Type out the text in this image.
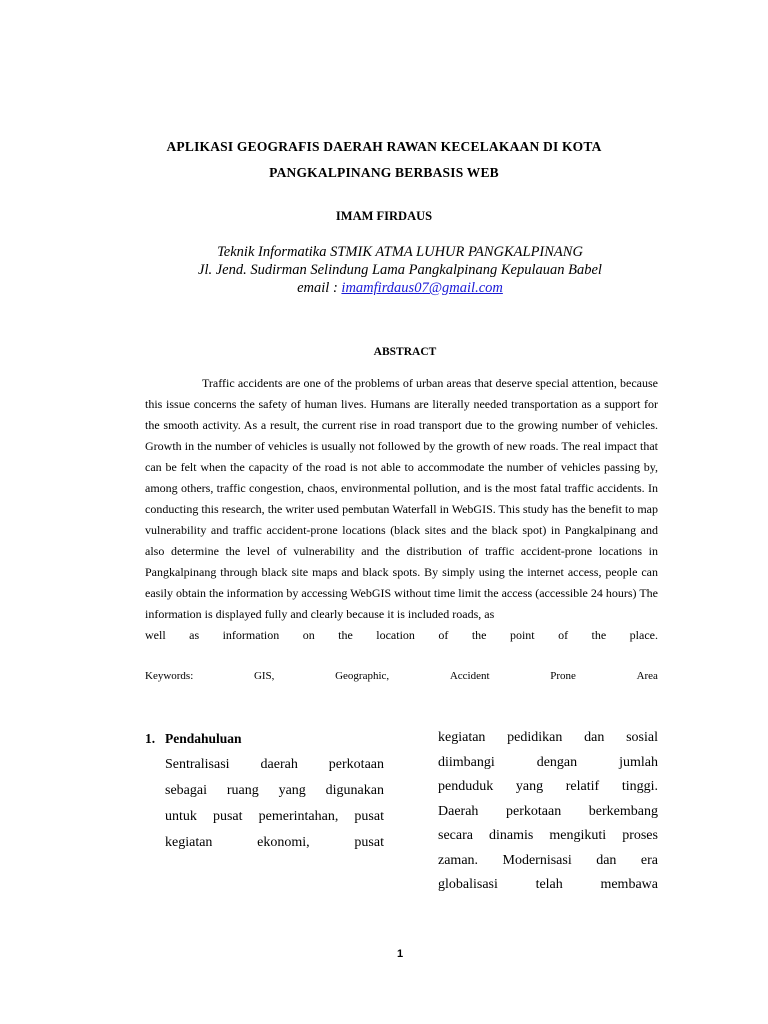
APLIKASI GEOGRAFIS DAERAH RAWAN KECELAKAAN DI KOTA
PANGKALPINANG BERBASIS WEB
IMAM FIRDAUS
Teknik Informatika STMIK ATMA LUHUR PANGKALPINANG
Jl. Jend. Sudirman Selindung Lama Pangkalpinang Kepulauan Babel
email : imamfirdaus07@gmail.com
ABSTRACT

Traffic accidents are one of the problems of urban areas that deserve special attention, because this issue concerns the safety of human lives. Humans are literally needed transportation as a support for the smooth activity. As a result, the current rise in road transport due to the growing number of vehicles. Growth in the number of vehicles is usually not followed by the growth of new roads. The real impact that can be felt when the capacity of the road is not able to accommodate the number of vehicles passing by, among others, traffic congestion, chaos, environmental pollution, and is the most fatal traffic accidents. In conducting this research, the writer used pembutan Waterfall in WebGIS. This study has the benefit to map vulnerability and traffic accident-prone locations (black sites and the black spot) in Pangkalpinang and also determine the level of vulnerability and the distribution of traffic accident-prone locations in Pangkalpinang through black site maps and black spots. By simply using the internet access, people can easily obtain the information by accessing WebGIS without time limit the access (accessible 24 hours) The information is displayed fully and clearly because it is included roads, as

well as information on the location of the point of the place.
Keywords:	GIS,	Geographic,	Accident	Prone	Area
1. Pendahuluan
Sentralisasi daerah perkotaan
sebagai ruang yang digunakan
untuk pusat pemerintahan, pusat
kegiatan	ekonomi,	pusat
kegiatan pedidikan dan sosial
diimbangi	dengan	jumlah
penduduk yang relatif tinggi.
Daerah perkotaan berkembang
secara dinamis mengikuti proses
zaman. Modernisasi dan era
globalisasi	telah	membawa
1
